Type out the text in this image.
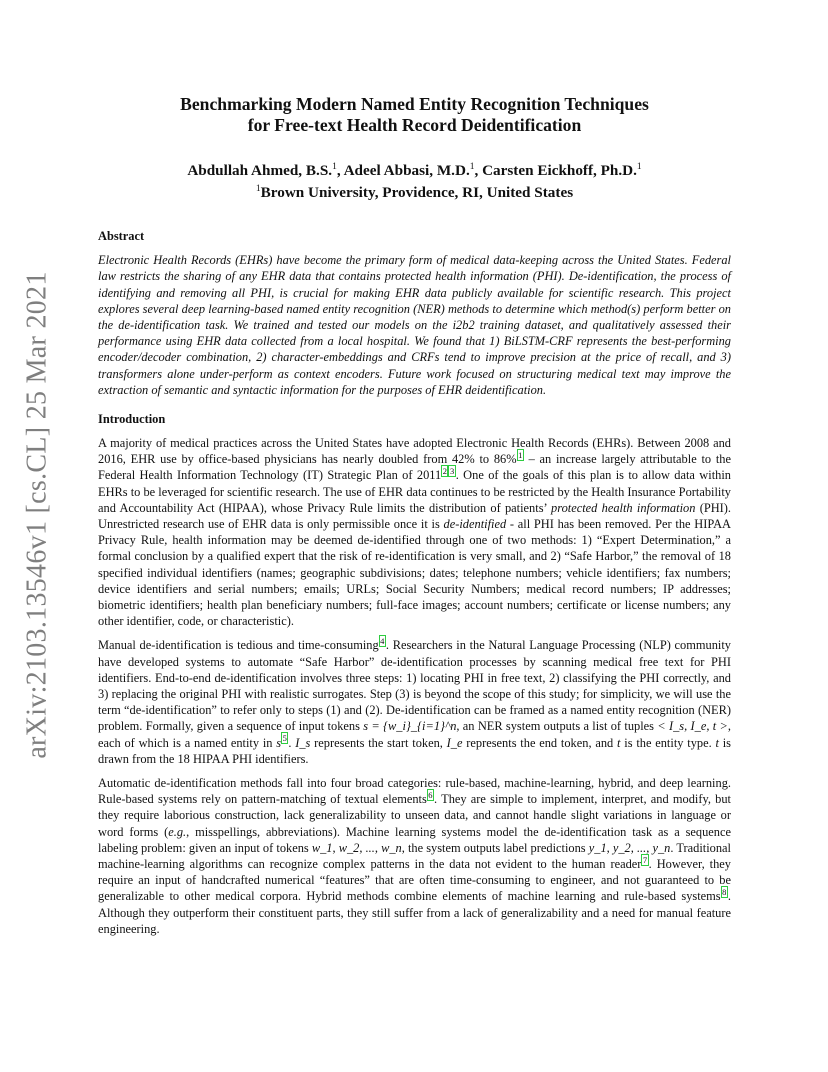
arXiv:2103.13546v1 [cs.CL] 25 Mar 2021
Benchmarking Modern Named Entity Recognition Techniques
for Free-text Health Record Deidentification
Abdullah Ahmed, B.S.$^1$, Adeel Abbasi, M.D.$^1$, Carsten Eickhoff, Ph.D.$^1$
$^1$Brown University, Providence, RI, United States
Abstract
Electronic Health Records (EHRs) have become the primary form of medical data-keeping across the United States. Federal law restricts the sharing of any EHR data that contains protected health information (PHI). De-identification, the process of identifying and removing all PHI, is crucial for making EHR data publicly available for scientific research. This project explores several deep learning-based named entity recognition (NER) methods to determine which method(s) perform better on the de-identification task. We trained and tested our models on the i2b2 training dataset, and qualitatively assessed their performance using EHR data collected from a local hospital. We found that 1) BiLSTM-CRF represents the best-performing encoder/decoder combination, 2) character-embeddings and CRFs tend to improve precision at the price of recall, and 3) transformers alone under-perform as context encoders. Future work focused on structuring medical text may improve the extraction of semantic and syntactic information for the purposes of EHR deidentification.
Introduction
A majority of medical practices across the United States have adopted Electronic Health Records (EHRs). Between 2008 and 2016, EHR use by office-based physicians has nearly doubled from 42% to 86% $^1$ – an increase largely attributable to the Federal Health Information Technology (IT) Strategic Plan of 2011 $^2$ $^3$ . One of the goals of this plan is to allow data within EHRs to be leveraged for scientific research. The use of EHR data continues to be restricted by the Health Insurance Portability and Accountability Act (HIPAA), whose Privacy Rule limits the distribution of patients’ protected health information (PHI). Unrestricted research use of EHR data is only permissible once it is de-identified - all PHI has been removed. Per the HIPAA Privacy Rule, health information may be deemed de-identified through one of two methods: 1) “Expert Determination,” a formal conclusion by a qualified expert that the risk of re-identification is very small, and 2) “Safe Harbor,” the removal of 18 specified individual identifiers (names; geographic subdivisions; dates; telephone numbers; vehicle identifiers; fax numbers; device identifiers and serial numbers; emails; URLs; Social Security Numbers; medical record numbers; IP addresses; biometric identifiers; health plan beneficiary numbers; full-face images; account numbers; certificate or license numbers; any other identifier, code, or characteristic).
Manual de-identification is tedious and time-consuming $^4$ . Researchers in the Natural Language Processing (NLP) community have developed systems to automate “Safe Harbor” de-identification processes by scanning medical free text for PHI identifiers. End-to-end de-identification involves three steps: 1) locating PHI in free text, 2) classifying the PHI correctly, and 3) replacing the original PHI with realistic surrogates. Step (3) is beyond the scope of this study; for simplicity, we will use the term “de-identification” to refer only to steps (1) and (2). De-identification can be framed as a named entity recognition (NER) problem. Formally, given a sequence of input tokens s = {w_i}_{i=1}^n, an NER system outputs a list of tuples < I_s, I_e, t >, each of which is a named entity in s $^5$ . I_s represents the start token, I_e represents the end token, and t is the entity type. t is drawn from the 18 HIPAA PHI identifiers.
Automatic de-identification methods fall into four broad categories: rule-based, machine-learning, hybrid, and deep learning. Rule-based systems rely on pattern-matching of textual elements $^6$ . They are simple to implement, interpret, and modify, but they require laborious construction, lack generalizability to unseen data, and cannot handle slight variations in language or word forms (e.g., misspellings, abbreviations). Machine learning systems model the de-identification task as a sequence labeling problem: given an input of tokens w_1, w_2, ..., w_n, the system outputs label predictions y_1, y_2, ..., y_n. Traditional machine-learning algorithms can recognize complex patterns in the data not evident to the human reader $^7$ . However, they require an input of handcrafted numerical “features” that are often time-consuming to engineer, and not guaranteed to be generalizable to other medical corpora. Hybrid methods combine elements of machine learning and rule-based systems $^8$ . Although they outperform their constituent parts, they still suffer from a lack of generalizability and a need for manual feature engineering.
